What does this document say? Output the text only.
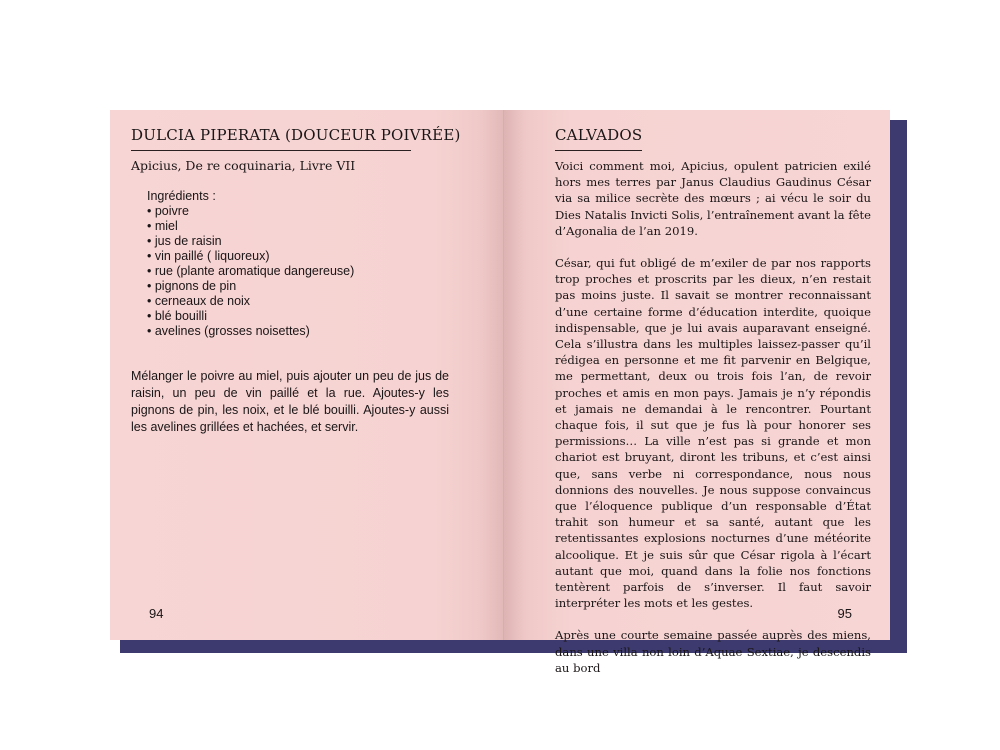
DULCIA PIPERATA (DOUCEUR POIVRÉE)
Apicius, De re coquinaria, Livre VII
Ingrédients :
• poivre
• miel
• jus de raisin
• vin paillé ( liquoreux)
• rue (plante aromatique dangereuse)
• pignons de pin
• cerneaux de noix
• blé bouilli
• avelines (grosses noisettes)
Mélanger le poivre au miel, puis ajouter un peu de jus de raisin, un peu de vin paillé et la rue. Ajoutes-y les pignons de pin, les noix, et le blé bouilli. Ajoutes-y aussi les avelines grillées et hachées, et servir.
94
CALVADOS

Voici comment moi, Apicius, opulent patricien exilé hors mes terres par Janus Claudius Gaudinus César via sa milice secrète des mœurs ; ai vécu le soir du Dies Natalis Invicti Solis, l’entraînement avant la fête d’Agonalia de l’an 2019.

César, qui fut obligé de m’exiler de par nos rapports trop proches et proscrits par les dieux, n’en restait pas moins juste. Il savait se montrer reconnaissant d’une certaine forme d’éducation interdite, quoique indispensable, que je lui avais auparavant enseigné. Cela s’illustra dans les multiples laissez-passer qu’il rédigea en personne et me fit parvenir en Belgique, me permettant, deux ou trois fois l’an, de revoir proches et amis en mon pays. Jamais je n’y répondis et jamais ne demandai à le rencontrer. Pourtant chaque fois, il sut que je fus là pour honorer ses permissions… La ville n’est pas si grande et mon chariot est bruyant, diront les tribuns, et c’est ainsi que, sans verbe ni correspondance, nous nous donnions des nouvelles. Je nous suppose convaincus que l’éloquence publique d’un responsable d’État trahit son humeur et sa santé, autant que les retentissantes explosions nocturnes d’une météorite alcoolique. Et je suis sûr que César rigola à l’écart autant que moi, quand dans la folie nos fonctions tentèrent parfois de s’inverser. Il faut savoir interpréter les mots et les gestes.

Après une courte semaine passée auprès des miens, dans une villa non loin d’Aquae Sextiae, je descendis au bord

95
